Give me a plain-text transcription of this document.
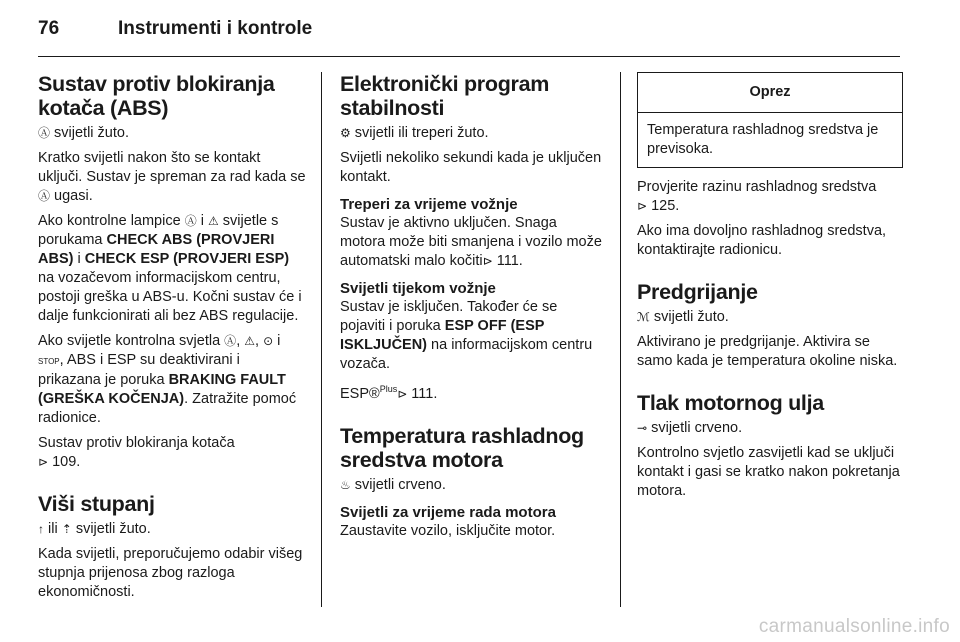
76	Instrumenti i kontrole
Sustav protiv blokiranja kotača (ABS)

Ⓐ svijetli žuto.

Kratko svijetli nakon što se kontakt uključi. Sustav je spreman za rad kada se Ⓐ ugasi.

Ako kontrolne lampice Ⓐ i ⚠ svijetle s porukama CHECK ABS (PROVJERI ABS) i CHECK ESP (PROVJERI ESP) na vozačevom informacijskom centru, postoji greška u ABS-u. Kočni sustav će i dalje funkcionirati ali bez ABS regulacije.

Ako svijetle kontrolna svjetla Ⓐ, ⚠, ⊙ i STOP, ABS i ESP su deaktivirani i prikazana je poruka BRAKING FAULT (GREŠKA KOČENJA). Zatražite pomoć radionice.

Sustav protiv blokiranja kotača
⊳ 109.

Viši stupanj

↑ ili ⇡ svijetli žuto.

Kada svijetli, preporučujemo odabir višeg stupnja prijenosa zbog razloga ekonomičnosti.

Elektronički program stabilnosti

⚙ svijetli ili treperi žuto.

Svijetli nekoliko sekundi kada je uključen kontakt.

Treperi za vrijeme vožnje

Sustav je aktivno uključen. Snaga motora može biti smanjena i vozilo može automatski malo kočiti⊳ 111.

Svijetli tijekom vožnje

Sustav je isključen. Također će se pojaviti i poruka ESP OFF (ESP ISKLJUČEN) na informacijskom centru vozača.

ESP®$^{Plus}$⊳ 111.

Temperatura rashladnog sredstva motora

♨ svijetli crveno.

Svijetli za vrijeme rada motora

Zaustavite vozilo, isključite motor.

Oprez
Temperatura rashladnog sredstva je previsoka.

Provjerite razinu rashladnog sredstva
⊳ 125.

Ako ima dovoljno rashladnog sredstva, kontaktirajte radionicu.

Predgrijanje

ℳ svijetli žuto.

Aktivirano je predgrijanje. Aktivira se samo kada je temperatura okoline niska.

Tlak motornog ulja

⊸ svijetli crveno.

Kontrolno svjetlo zasvijetli kad se uključi kontakt i gasi se kratko nakon pokretanja motora.

carmanualsonline.info
